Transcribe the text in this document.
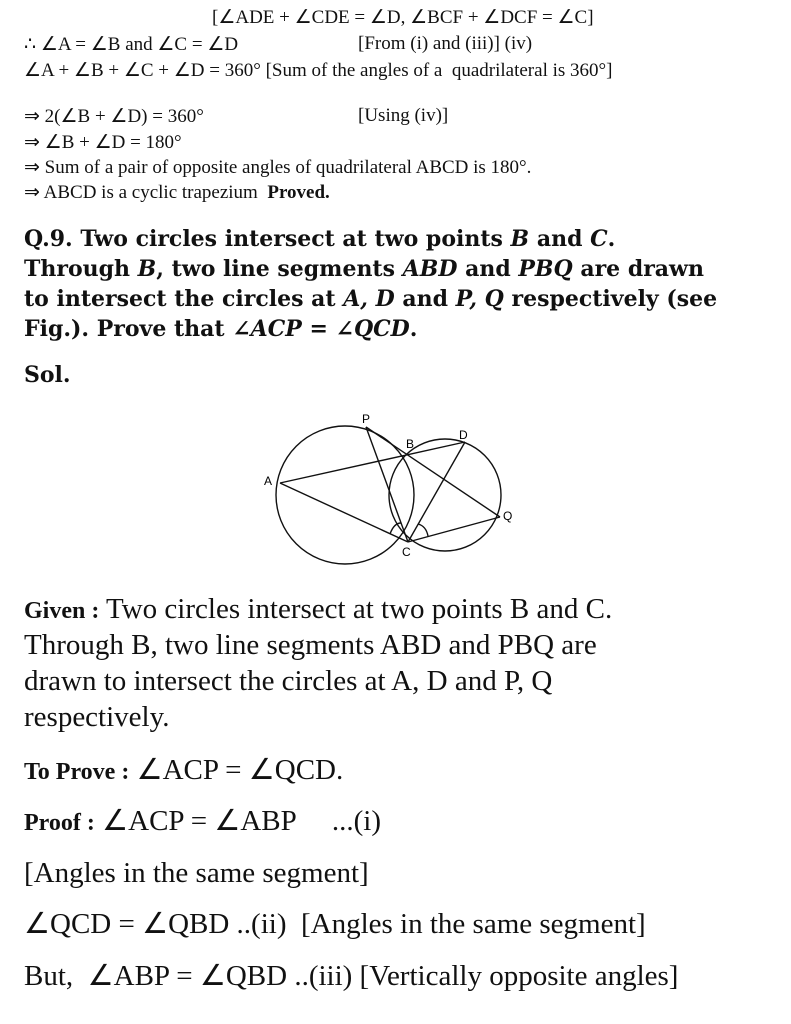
[∠ADE + ∠CDE = ∠D, ∠BCF + ∠DCF = ∠C]
∴ ∠A = ∠B and ∠C = ∠D	[From (i) and (iii)] (iv)
∠A + ∠B + ∠C + ∠D = 360° [Sum of the angles of a  quadrilateral is 360°]
⇒ 2(∠B + ∠D) = 360°	[Using (iv)]
⇒ ∠B + ∠D = 180°
⇒ Sum of a pair of opposite angles of quadrilateral ABCD is 180°.
⇒ ABCD is a cyclic trapezium Proved.
Q.9. Two circles intersect at two points B and C.
Through B, two line segments ABD and PBQ are drawn
to intersect the circles at A, D and P, Q respectively (see
Fig.). Prove that ∠ACP = ∠QCD.
Sol.
P
B
D
A
Q
C
Given : Two circles intersect at two points B and C.
Through B, two line segments ABD and PBQ are
drawn to intersect the circles at A, D and P, Q
respectively.
To Prove : ∠ACP = ∠QCD.
Proof : ∠ACP = ∠ABP     ...(i)
[Angles in the same segment]
∠QCD = ∠QBD ..(ii)  [Angles in the same segment]
But,  ∠ABP = ∠QBD ..(iii) [Vertically opposite angles]
